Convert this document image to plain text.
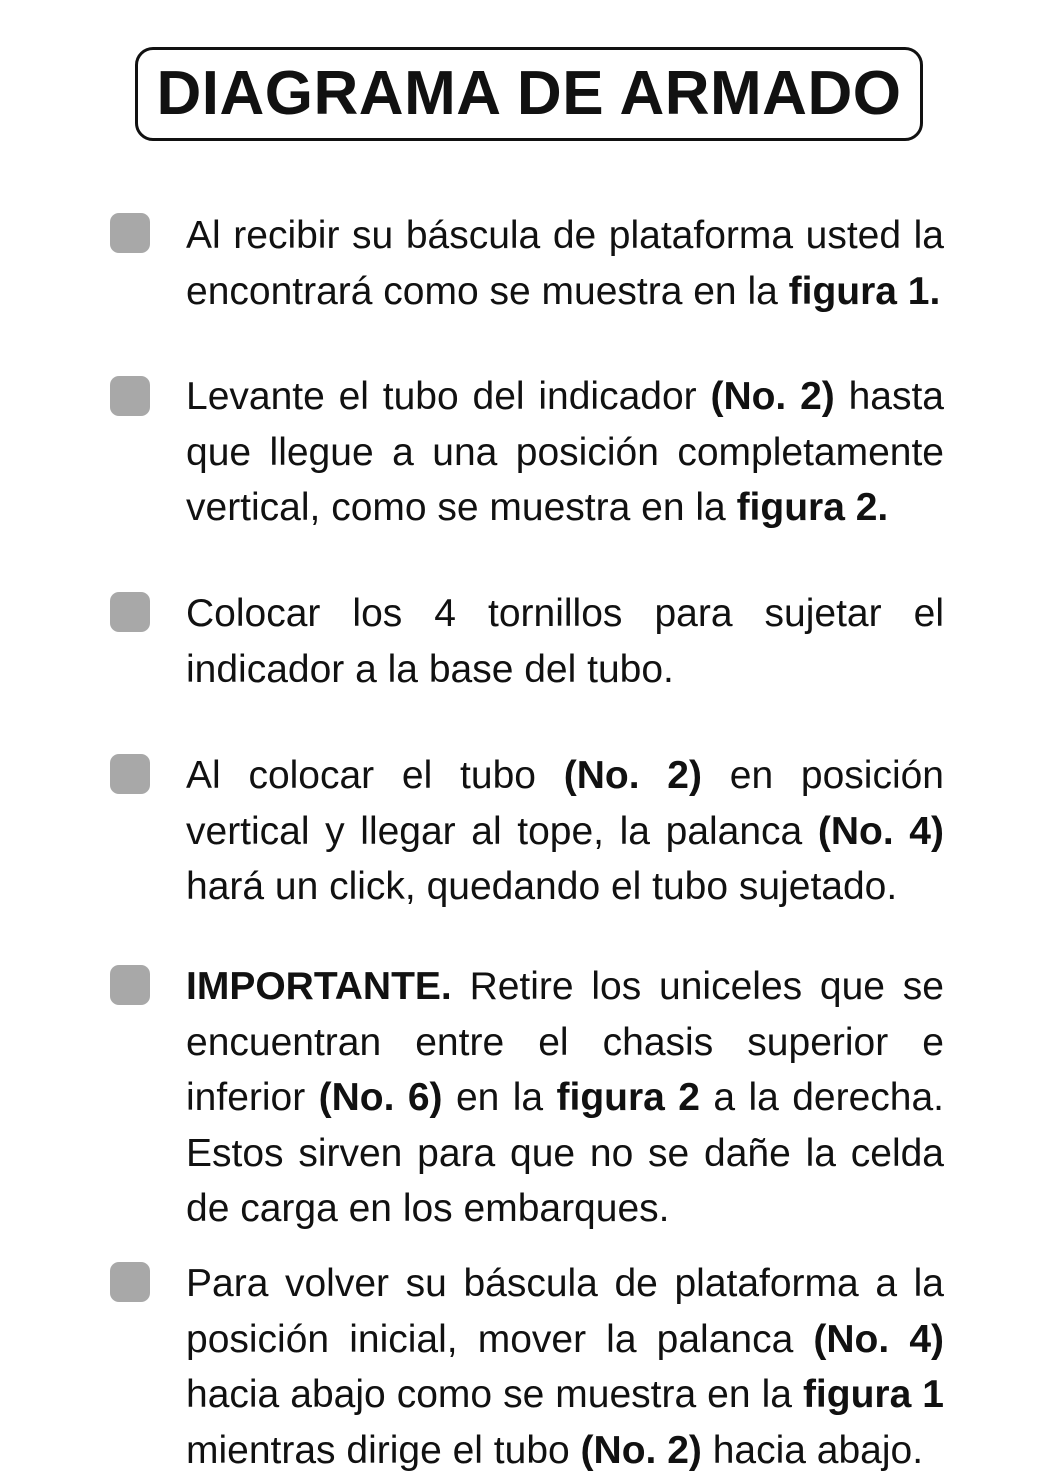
DIAGRAMA DE ARMADO
Al recibir su báscula de plataforma usted la encontrará como se muestra en la figura 1.
Levante el tubo del indicador (No. 2) hasta que llegue a una posición completamente vertical, como se muestra en la figura 2.
Colocar los 4 tornillos para sujetar el indicador a la base del tubo.
Al colocar el tubo (No. 2) en posición vertical y llegar al tope, la palanca (No. 4) hará un click, quedando el tubo sujetado.
IMPORTANTE. Retire los uniceles que se encuentran entre el chasis superior e inferior (No. 6) en la figura 2 a la derecha. Estos sirven para que no se dañe la celda de carga en los embarques.
Para volver su báscula de plataforma a la posición inicial, mover la palanca (No. 4) hacia abajo como se muestra en la figura 1 mientras dirige el tubo (No. 2) hacia abajo.
